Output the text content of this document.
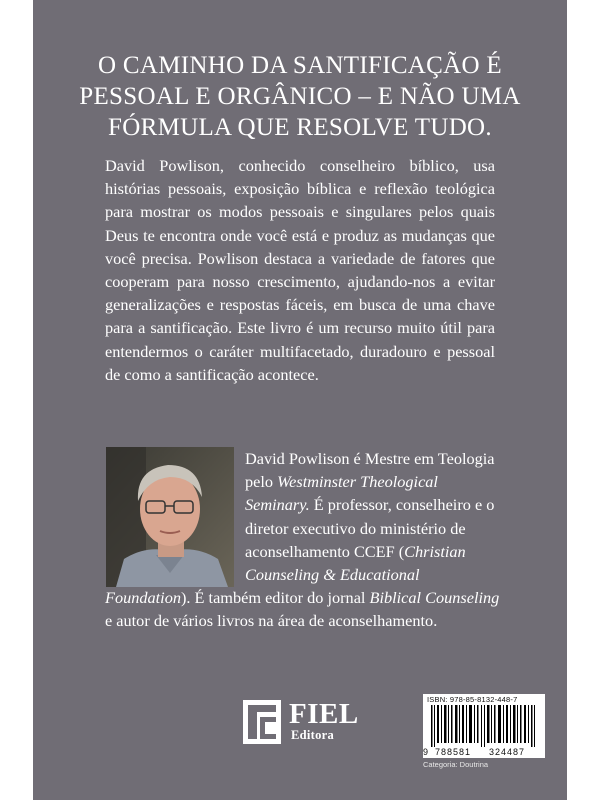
O CAMINHO DA SANTIFICAÇÃO É
PESSOAL E ORGÂNICO – E NÃO UMA
FÓRMULA QUE RESOLVE TUDO.

David Powlison, conhecido conselheiro bíblico, usa histórias pessoais, exposição bíblica e reflexão teológica para mostrar os modos pessoais e singulares pelos quais Deus te encontra onde você está e produz as mudanças que você precisa. Powlison destaca a variedade de fatores que cooperam para nosso crescimento, ajudando-nos a evitar generalizações e respostas fáceis, em busca de uma chave para a santificação. Este livro é um recurso muito útil para entendermos o caráter multifacetado, duradouro e pessoal de como a santificação acontece.

David Powlison é Mestre em Teologia pelo Westminster Theological Seminary. É professor, conselheiro e o diretor executivo do ministério de aconselhamento CCEF (Christian Counseling & Educational Foundation). É também editor do jornal Biblical Counseling e autor de vários livros na área de aconselhamento.

FIEL
Editora
ISBN: 978-85-8132-448-7
9 788581 324487
Categoria: Doutrina
